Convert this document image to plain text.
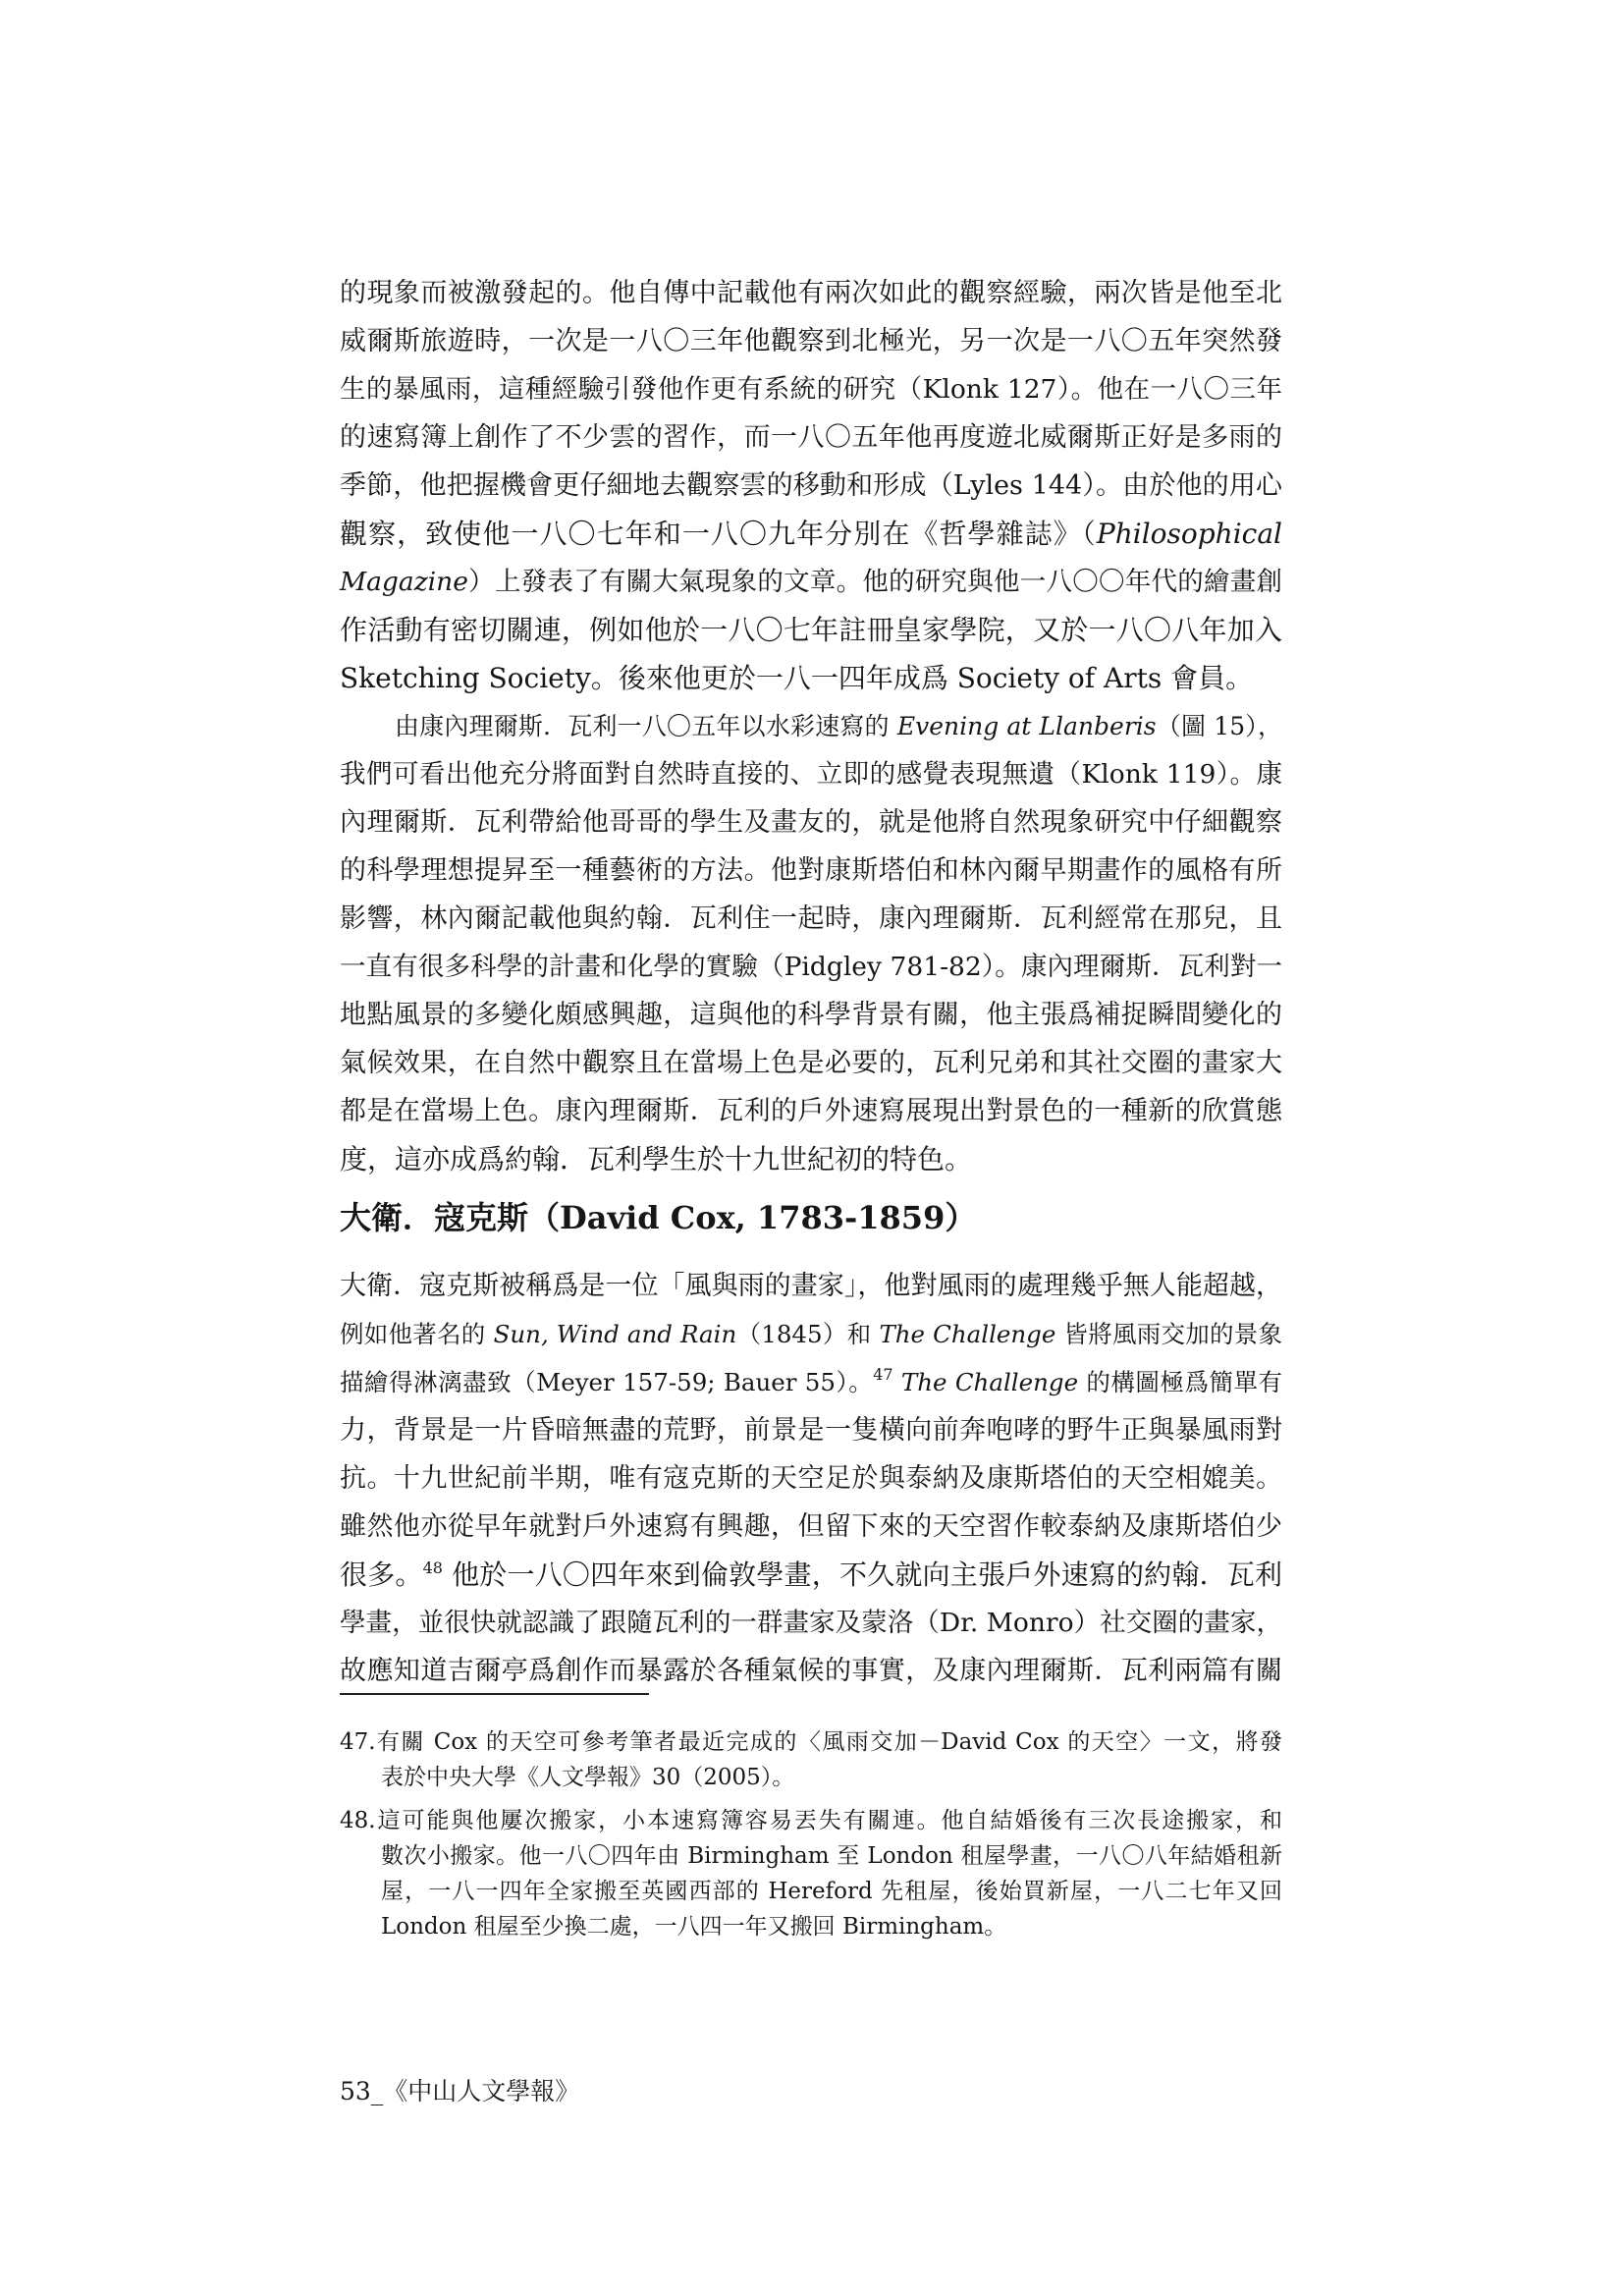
的現象而被激發起的。他自傳中記載他有兩次如此的觀察經驗，兩次皆是他至北
威爾斯旅遊時，一次是一八〇三年他觀察到北極光，另一次是一八〇五年突然發
生的暴風雨，這種經驗引發他作更有系統的研究（Klonk 127）。他在一八〇三年
的速寫簿上創作了不少雲的習作，而一八〇五年他再度遊北威爾斯正好是多雨的
季節，他把握機會更仔細地去觀察雲的移動和形成（Lyles 144）。由於他的用心
觀察，致使他一八〇七年和一八〇九年分別在《哲學雜誌》（Philosophical
Magazine）上發表了有關大氣現象的文章。他的研究與他一八〇〇年代的繪畫創
作活動有密切關連，例如他於一八〇七年註冊皇家學院，又於一八〇八年加入
Sketching Society。後來他更於一八一四年成爲 Society of Arts 會員。
由康內理爾斯．瓦利一八〇五年以水彩速寫的 Evening at Llanberis（圖 15），
我們可看出他充分將面對自然時直接的、立即的感覺表現無遺（Klonk 119）。康
內理爾斯．瓦利帶給他哥哥的學生及畫友的，就是他將自然現象研究中仔細觀察
的科學理想提昇至一種藝術的方法。他對康斯塔伯和林內爾早期畫作的風格有所
影響，林內爾記載他與約翰．瓦利住一起時，康內理爾斯．瓦利經常在那兒，且
一直有很多科學的計畫和化學的實驗（Pidgley 781-82）。康內理爾斯．瓦利對一
地點風景的多變化頗感興趣，這與他的科學背景有關，他主張爲補捉瞬間變化的
氣候效果，在自然中觀察且在當場上色是必要的，瓦利兄弟和其社交圈的畫家大
都是在當場上色。康內理爾斯．瓦利的戶外速寫展現出對景色的一種新的欣賞態
度，這亦成爲約翰．瓦利學生於十九世紀初的特色。
大衛．寇克斯（David Cox, 1783-1859）
大衛．寇克斯被稱爲是一位「風與雨的畫家」，他對風雨的處理幾乎無人能超越，
例如他著名的 Sun, Wind and Rain（1845）和 The Challenge 皆將風雨交加的景象
描繪得淋漓盡致（Meyer 157-59; Bauer 55）。$^{47}$ The Challenge 的構圖極爲簡單有
力，背景是一片昏暗無盡的荒野，前景是一隻橫向前奔咆哮的野牛正與暴風雨對
抗。十九世紀前半期，唯有寇克斯的天空足於與泰納及康斯塔伯的天空相媲美。
雖然他亦從早年就對戶外速寫有興趣，但留下來的天空習作較泰納及康斯塔伯少
很多。$^{48}$ 他於一八〇四年來到倫敦學畫，不久就向主張戶外速寫的約翰．瓦利
學畫，並很快就認識了跟隨瓦利的一群畫家及蒙洛（Dr. Monro）社交圈的畫家，
故應知道吉爾亭爲創作而暴露於各種氣候的事實，及康內理爾斯．瓦利兩篇有關
47.有關 Cox 的天空可參考筆者最近完成的〈風雨交加－David Cox 的天空〉一文，將發
表於中央大學《人文學報》30（2005）。
48.這可能與他屢次搬家，小本速寫簿容易丟失有關連。他自結婚後有三次長途搬家，和
數次小搬家。他一八〇四年由 Birmingham 至 London 租屋學畫，一八〇八年結婚租新
屋，一八一四年全家搬至英國西部的 Hereford 先租屋，後始買新屋，一八二七年又回
London 租屋至少換二處，一八四一年又搬回 Birmingham。
53_《中山人文學報》
